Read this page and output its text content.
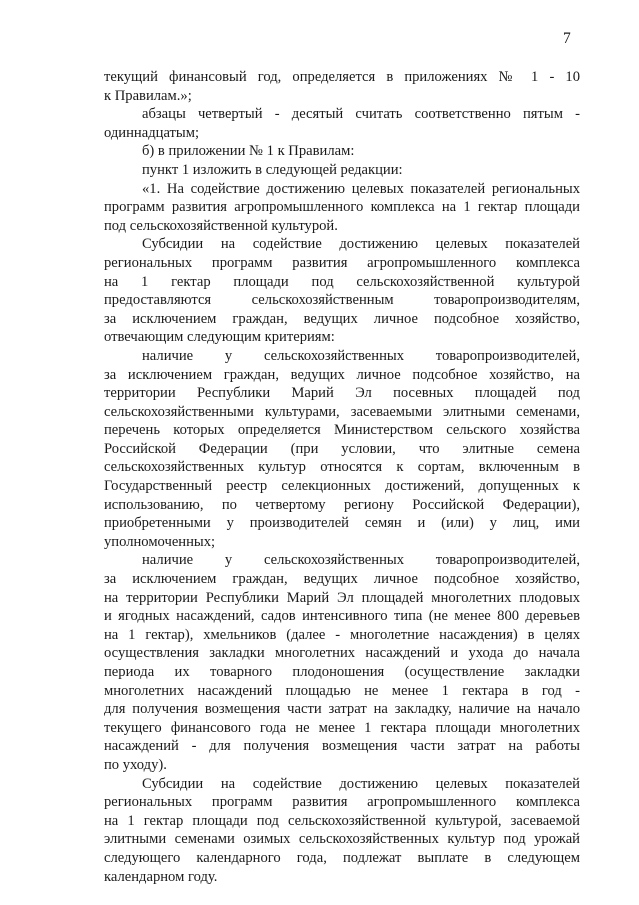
7
текущий финансовый год, определяется в приложениях № 1 - 10
к Правилам.»;
абзацы четвертый - десятый считать соответственно пятым -
одиннадцатым;
б) в приложении № 1 к Правилам:
пункт 1 изложить в следующей редакции:
«1. На содействие достижению целевых показателей региональных
программ развития агропромышленного комплекса на 1 гектар площади
под сельскохозяйственной культурой.
Субсидии на содействие достижению целевых показателей
региональных программ развития агропромышленного комплекса
на 1 гектар площади под сельскохозяйственной культурой
предоставляются сельскохозяйственным товаропроизводителям,
за исключением граждан, ведущих личное подсобное хозяйство,
отвечающим следующим критериям:
наличие у сельскохозяйственных товаропроизводителей,
за исключением граждан, ведущих личное подсобное хозяйство, на
территории Республики Марий Эл посевных площадей под
сельскохозяйственными культурами, засеваемыми элитными семенами,
перечень которых определяется Министерством сельского хозяйства
Российской Федерации (при условии, что элитные семена
сельскохозяйственных культур относятся к сортам, включенным в
Государственный реестр селекционных достижений, допущенных к
использованию, по четвертому региону Российской Федерации),
приобретенными у производителей семян и (или) у лиц, ими
уполномоченных;
наличие у сельскохозяйственных товаропроизводителей,
за исключением граждан, ведущих личное подсобное хозяйство,
на территории Республики Марий Эл площадей многолетних плодовых
и ягодных насаждений, садов интенсивного типа (не менее 800 деревьев
на 1 гектар), хмельников (далее - многолетние насаждения) в целях
осуществления закладки многолетних насаждений и ухода до начала
периода их товарного плодоношения (осуществление закладки
многолетних насаждений площадью не менее 1 гектара в год -
для получения возмещения части затрат на закладку, наличие на начало
текущего финансового года не менее 1 гектара площади многолетних
насаждений - для получения возмещения части затрат на работы
по уходу).
Субсидии на содействие достижению целевых показателей
региональных программ развития агропромышленного комплекса
на 1 гектар площади под сельскохозяйственной культурой, засеваемой
элитными семенами озимых сельскохозяйственных культур под урожай
следующего календарного года, подлежат выплате в следующем
календарном году.
